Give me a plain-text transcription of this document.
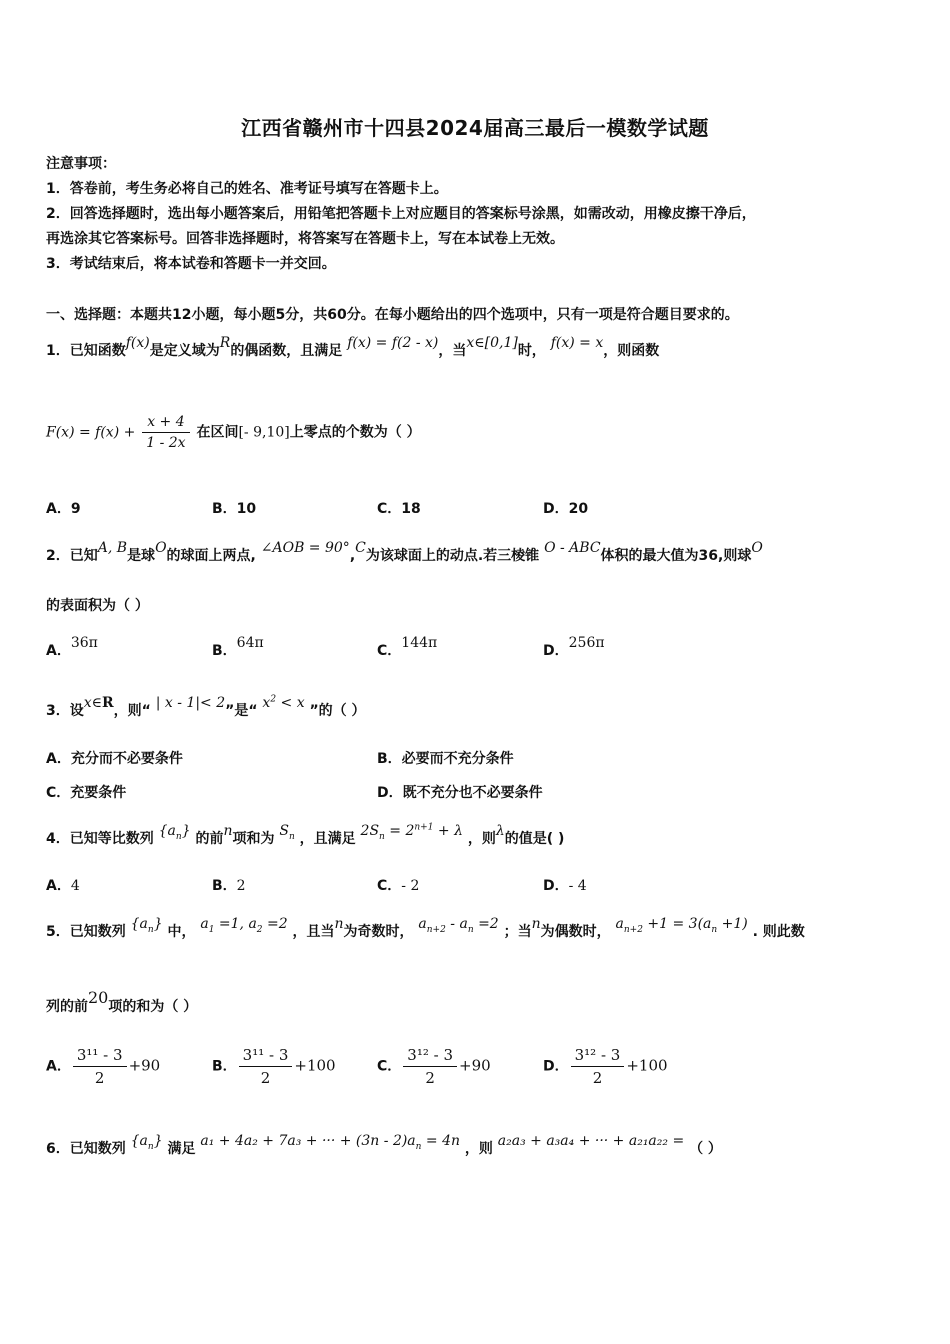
江西省赣州市十四县2024届高三最后一模数学试题
注意事项：
1．答卷前，考生务必将自己的姓名、准考证号填写在答题卡上。
2．回答选择题时，选出每小题答案后，用铅笔把答题卡上对应题目的答案标号涂黑，如需改动，用橡皮擦干净后，
再选涂其它答案标号。回答非选择题时，将答案写在答题卡上，写在本试卷上无效。
3．考试结束后，将本试卷和答题卡一并交回。
一、选择题：本题共12小题，每小题5分，共60分。在每小题给出的四个选项中，只有一项是符合题目要求的。
1．已知函数f(x)是定义域为R的偶函数，且满足 f(x) = f(2 - x)，当x∈[0,1]时， f(x) = x，则函数
$F(x) = f(x) + \frac{x + 4}{1 - 2x}$ 在区间[- 9,10]上零点的个数为（ ）
A．9	B．10	C．18	D．20
2．已知A, B是球O的球面上两点, ∠AOB = 90°,C为该球面上的动点.若三棱锥 O - ABC体积的最大值为36,则球O
的表面积为（ ）
A．36π	B．64π	C．144π	D．256π
3．设x∈R，则“ | x - 1|< 2”是“ $x^2 < x$ ”的（ ）
A．充分而不必要条件	B．必要而不充分条件
C．充要条件	D．既不充分也不必要条件
4．已知等比数列 $\{a_n\}$ 的前n项和为 $S_n$ ，且满足 $2S_n = 2^{n+1} + \lambda$ ，则λ的值是( )
A．4	B．2	C．- 2	D．- 4
5．已知数列 $\{a_n\}$ 中， $a_1 =1$, $a_2 =2$ ，且当n为奇数时， $a_{n+2} - a_n =2$ ；当n为偶数时， $a_{n+2} +1 = 3(a_n +1)$ . 则此数
列的前20项的和为（ ）
A． $\frac{\text{3¹¹ - 3}}{2} +90$	B． $\frac{\text{3¹¹ - 3}}{2} +100$	C． $\frac{\text{3¹² - 3}}{2} +90$	D． $\frac{\text{3¹² - 3}}{2} +100$
6．已知数列 $\{a_n\}$ 满足 a₁ + 4a₂ + 7a₃ + ··· + $(3n - 2)a_n = 4n$ ，则 a₂a₃ + a₃a₄ + ··· + a₂₁a₂₂ = （ ）
